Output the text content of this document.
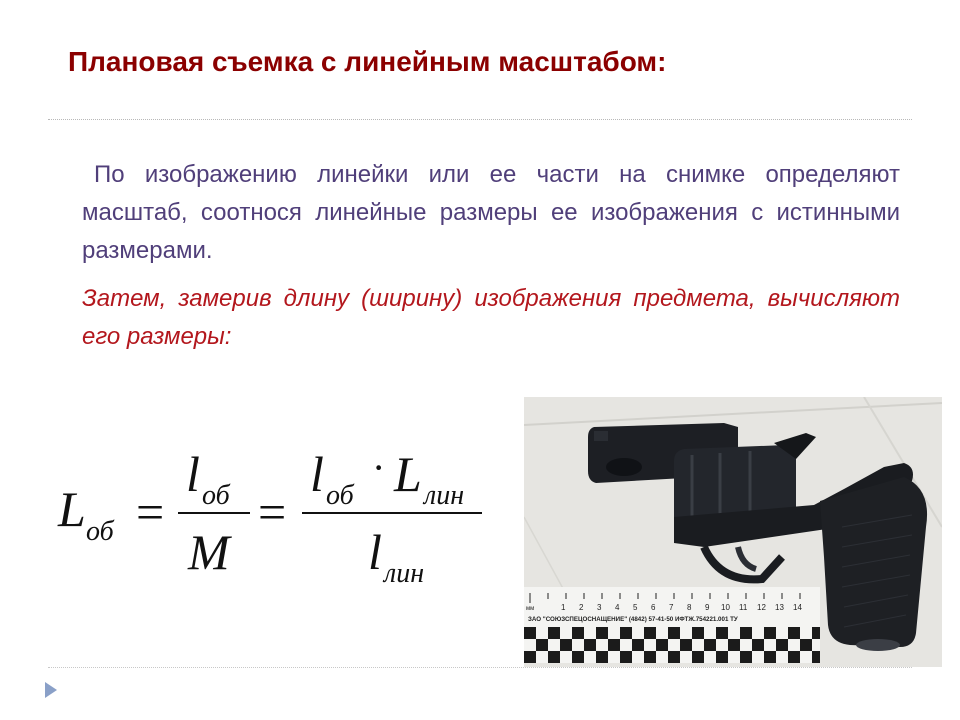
Плановая съемка с линейным масштабом:

По изображению линейки или ее части на снимке определяют масштаб, соотнося линейные размеры ее изображения с истинными размерами.

Затем, замерив длину (ширину) изображения предмета, вычисляют его размеры:

L об =
l об
M
=
l об
· L лин
l лин
мм	1 2 3 4 5 6 7 8 9 10 11 12 13 14
ЗАО "СОЮЗСПЕЦОСНАЩЕНИЕ" (4842) 57-41-50 ИФТЖ.754221.001 ТУ
